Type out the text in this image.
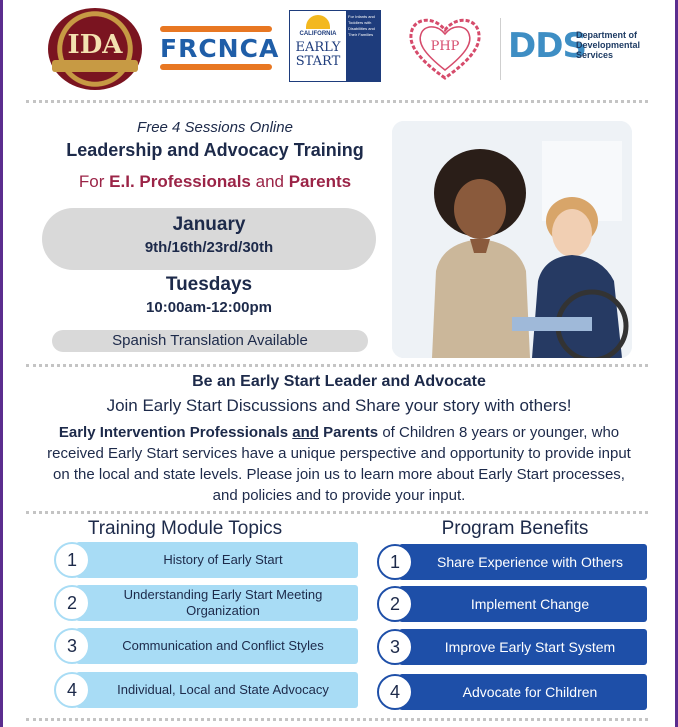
IDA	FRCNCA	CALIFORNIA
EARLY START
For Infants and Toddlers with Disabilities and Their Families
PHP	DDS
Department of Developmental Services
Free 4 Sessions Online
Leadership and Advocacy Training
For E.I. Professionals and Parents
January
9th/16th/23rd/30th
Tuesdays
10:00am-12:00pm
Spanish Translation Available
Be an Early Start Leader and Advocate
Join Early Start Discussions and Share your story with others!
Early Intervention Professionals and Parents of Children 8 years or younger, who received Early Start services have a unique perspective and opportunity to provide input on the local and state levels. Please join us to learn more about Early Start processes, and policies and to provide your input.
Training Module Topics
1	History of Early Start
2	Understanding Early Start Meeting Organization
3	Communication and Conflict Styles
4	Individual, Local and State Advocacy
Program Benefits
1	Share Experience with Others
2	Implement Change
3	Improve Early Start System
4	Advocate for Children
